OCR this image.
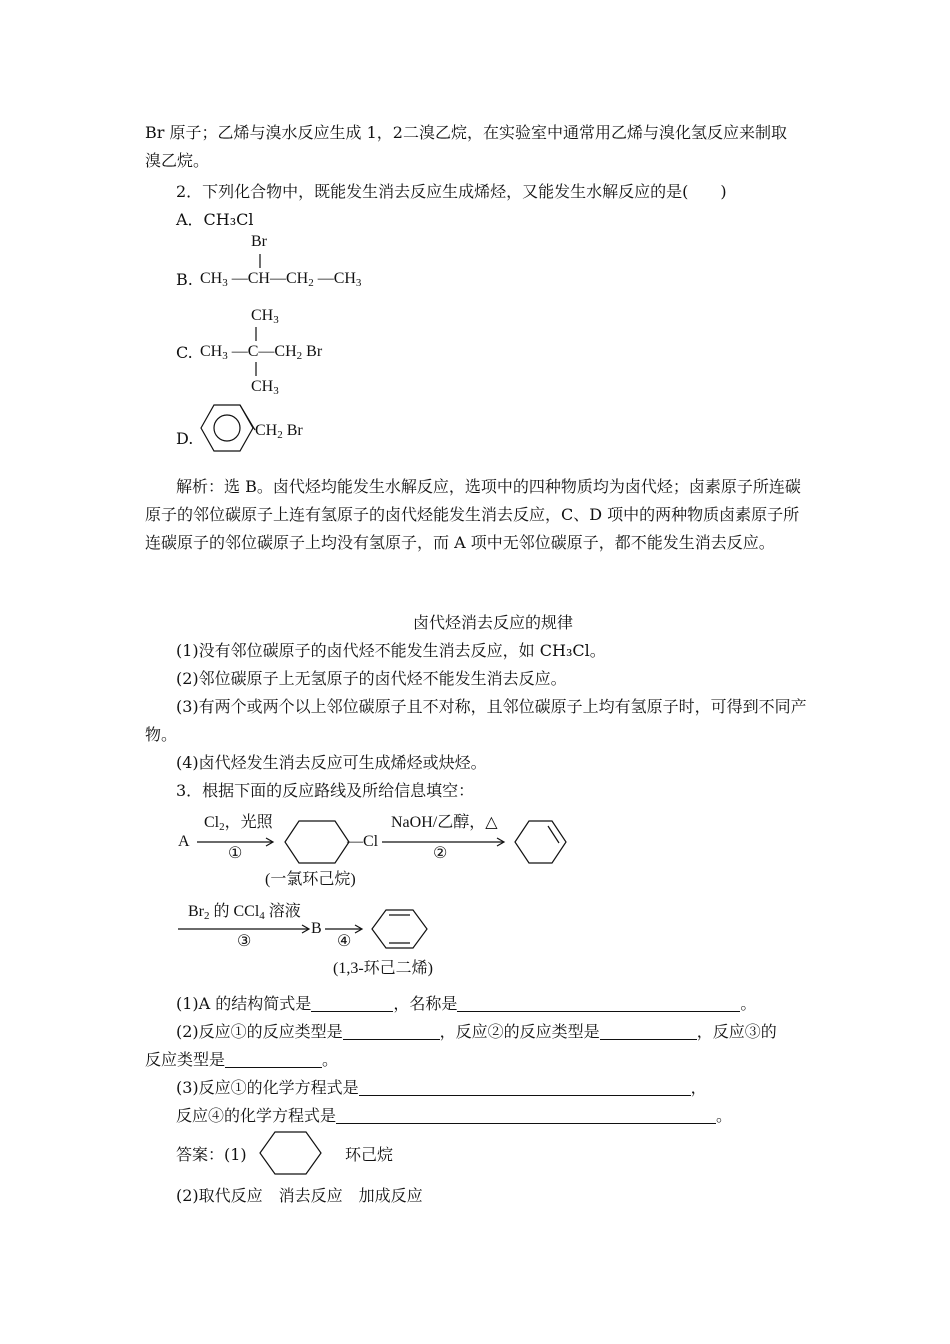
Br 原子；乙烯与溴水反应生成 1，2二溴乙烷，在实验室中通常用乙烯与溴化氢反应来制取
溴乙烷。
2．下列化合物中，既能发生消去反应生成烯烃，又能发生水解反应的是(　　)
A．CH₃Cl
B.
Br
$CH_3$ $—CH—CH_2$ $—CH_3$
C.
$CH_3$
$CH_3$ $—C—CH_2$ Br
$CH_3$
D.	$CH_2$ Br
解析：选 B。卤代烃均能发生水解反应，选项中的四种物质均为卤代烃；卤素原子所连碳原子的邻位碳原子上连有氢原子的卤代烃能发生消去反应，C、D 项中的两种物质卤素原子所连碳原子的邻位碳原子上均没有氢原子，而 A 项中无邻位碳原子，都不能发生消去反应。
卤代烃消去反应的规律
(1)没有邻位碳原子的卤代烃不能发生消去反应，如 CH₃Cl。
(2)邻位碳原子上无氢原子的卤代烃不能发生消去反应。
(3)有两个或两个以上邻位碳原子且不对称，且邻位碳原子上均有氢原子时，可得到不同产物。
(4)卤代烃发生消去反应可生成烯烃或炔烃。
3．根据下面的反应路线及所给信息填空：
A
$Cl_2$，光照
①
—Cl
NaOH/乙醇，△
②
(一氯环己烷)
$Br_2$ 的 CCl$_4$ 溶液
③
B
④
(1,3-环己二烯)
(1)A 的结构简式是	，名称是	。
(2)反应①的反应类型是	，反应②的反应类型是	，反应③的
反应类型是	。
(3)反应①的化学方程式是	，
反应④的化学方程式是	。
答案：(1)	环己烷
(2)取代反应　消去反应　加成反应
